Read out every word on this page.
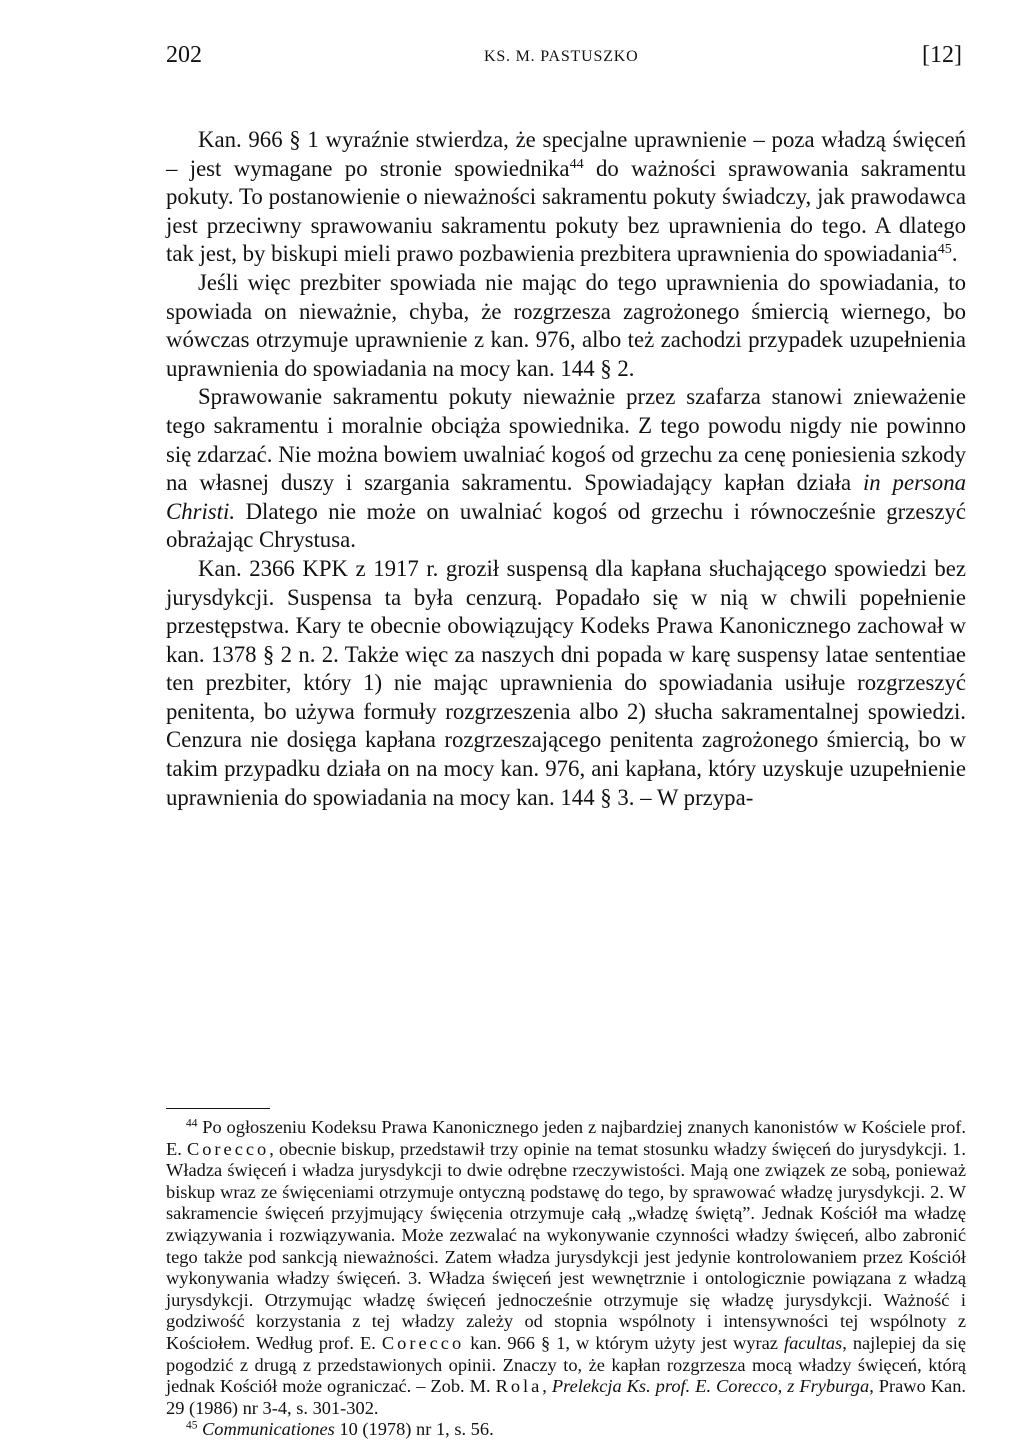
202	KS. M. PASTUSZKO	[12]

Kan. 966 § 1 wyraźnie stwierdza, że specjalne uprawnienie – poza władzą święceń – jest wymagane po stronie spowiednika$^{44}$ do ważności sprawowania sakramentu pokuty. To postanowienie o nieważności sakramentu pokuty świadczy, jak prawodawca jest przeciwny sprawowaniu sakramentu pokuty bez uprawnienia do tego. A dlatego tak jest, by biskupi mieli prawo pozbawienia prezbitera uprawnienia do spowiadania$^{45}$.

Jeśli więc prezbiter spowiada nie mając do tego uprawnienia do spowiadania, to spowiada on nieważnie, chyba, że rozgrzesza zagrożonego śmiercią wiernego, bo wówczas otrzymuje uprawnienie z kan. 976, albo też zachodzi przypadek uzupełnienia uprawnienia do spowiadania na mocy kan. 144 § 2.

Sprawowanie sakramentu pokuty nieważnie przez szafarza stanowi znieważenie tego sakramentu i moralnie obciąża spowiednika. Z tego powodu nigdy nie powinno się zdarzać. Nie można bowiem uwalniać kogoś od grzechu za cenę poniesienia szkody na własnej duszy i szargania sakramentu. Spowiadający kapłan działa in persona Christi. Dlatego nie może on uwalniać kogoś od grzechu i równocześnie grzeszyć obrażając Chrystusa.

Kan. 2366 KPK z 1917 r. groził suspensą dla kapłana słuchającego spowiedzi bez jurysdykcji. Suspensa ta była cenzurą. Popadało się w nią w chwili popełnienie przestępstwa. Kary te obecnie obowiązujący Kodeks Prawa Kanonicznego zachował w kan. 1378 § 2 n. 2. Także więc za naszych dni popada w karę suspensy latae sententiae ten prezbiter, który 1) nie mając uprawnienia do spowiadania usiłuje rozgrzeszyć penitenta, bo używa formuły rozgrzeszenia albo 2) słucha sakramentalnej spowiedzi. Cenzura nie dosięga kapłana rozgrzeszającego penitenta zagrożonego śmiercią, bo w takim przypadku działa on na mocy kan. 976, ani kapłana, który uzyskuje uzupełnienie uprawnienia do spowiadania na mocy kan. 144 § 3. – W przypa-

$^{44}$ Po ogłoszeniu Kodeksu Prawa Kanonicznego jeden z najbardziej znanych kanonistów w Kościele prof. E. Corecco, obecnie biskup, przedstawił trzy opinie na temat stosunku władzy święceń do jurysdykcji. 1. Władza święceń i władza jurysdykcji to dwie odrębne rzeczywistości. Mają one związek ze sobą, ponieważ biskup wraz ze święceniami otrzymuje ontyczną podstawę do tego, by sprawować władzę jurysdykcji. 2. W sakramencie święceń przyjmujący święcenia otrzymuje całą „władzę świętą”. Jednak Kościół ma władzę związywania i rozwiązywania. Może zezwalać na wykonywanie czynności władzy święceń, albo zabronić tego także pod sankcją nieważności. Zatem władza jurysdykcji jest jedynie kontrolowaniem przez Kościół wykonywania władzy święceń. 3. Władza święceń jest wewnętrznie i ontologicznie powiązana z władzą jurysdykcji. Otrzymując władzę święceń jednocześnie otrzymuje się władzę jurysdykcji. Ważność i godziwość korzystania z tej władzy zależy od stopnia wspólnoty i intensywności tej wspólnoty z Kościołem. Według prof. E. Corecco kan. 966 § 1, w którym użyty jest wyraz facultas, najlepiej da się pogodzić z drugą z przedstawionych opinii. Znaczy to, że kapłan rozgrzesza mocą władzy święceń, którą jednak Kościół może ograniczać. – Zob. M. Rola, Prelekcja Ks. prof. E. Corecco, z Fryburga, Prawo Kan. 29 (1986) nr 3-4, s. 301-302.

$^{45}$ Communicationes 10 (1978) nr 1, s. 56.
